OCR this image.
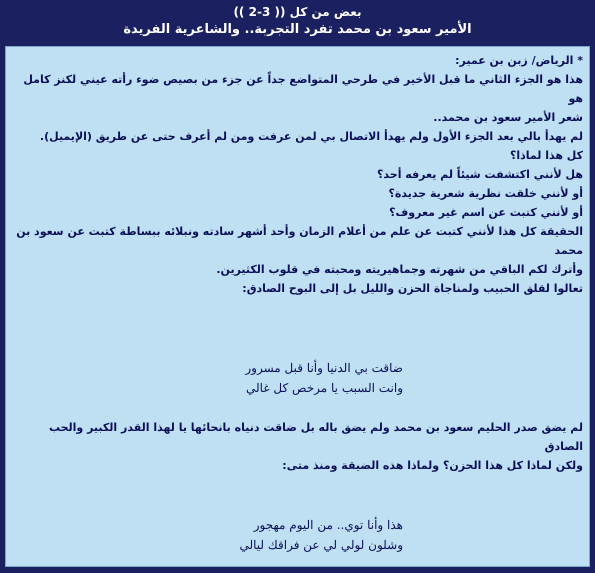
بعض من كل (( 3-2 ))
الأمير سعود بن محمد تفرد التجربة.. والشاعرية الفريدة

* الرياض/ زبن بن عمير:

هذا هو الجزء الثاني ما قبل الأخير في طرحي المتواضع جداً عن جزء من بصيص ضوء رأته عيني لكنز كامل هو

شعر الأمير سعود بن محمد..

لم يهدأ بالي بعد الجزء الأول ولم يهدأ الاتصال بي لمن عرفت ومن لم أعرف حتى عن طريق (الإيميل).

كل هذا لماذا؟

هل لأنني اكتشفت شيئاً لم يعرفه أحد؟

أو لأنني خلقت نظرية شعرية جديدة؟

أو لأنني كتبت عن اسم غير معروف؟

الحقيقة كل هذا لأنني كتبت عن علم من أعلام الزمان وأحد أشهر سادته ونبلائه ببساطة كتبت عن سعود بن محمد

وأترك لكم الباقي من شهرته وجماهيريته ومحبته في قلوب الكثيرين.

تعالوا لقلق الحبيب ولمناجاة الحزن والليل بل إلى البوح الصادق:

ضاقت بي الدنيا وأنا قبل مسرور

وانت السبب يا مرخص كل غالي

لم يضق صدر الحليم سعود بن محمد ولم يضق باله بل ضاقت دنياه بانحائها يا لهذا القدر الكبير والحب الصادق

ولكن لماذا كل هذا الحزن؟ ولماذا هذه الضيقة ومنذ متى:

هذا وأنا توي.. من اليوم مهجور

وشلون لولي لي عن فراقك ليالي
